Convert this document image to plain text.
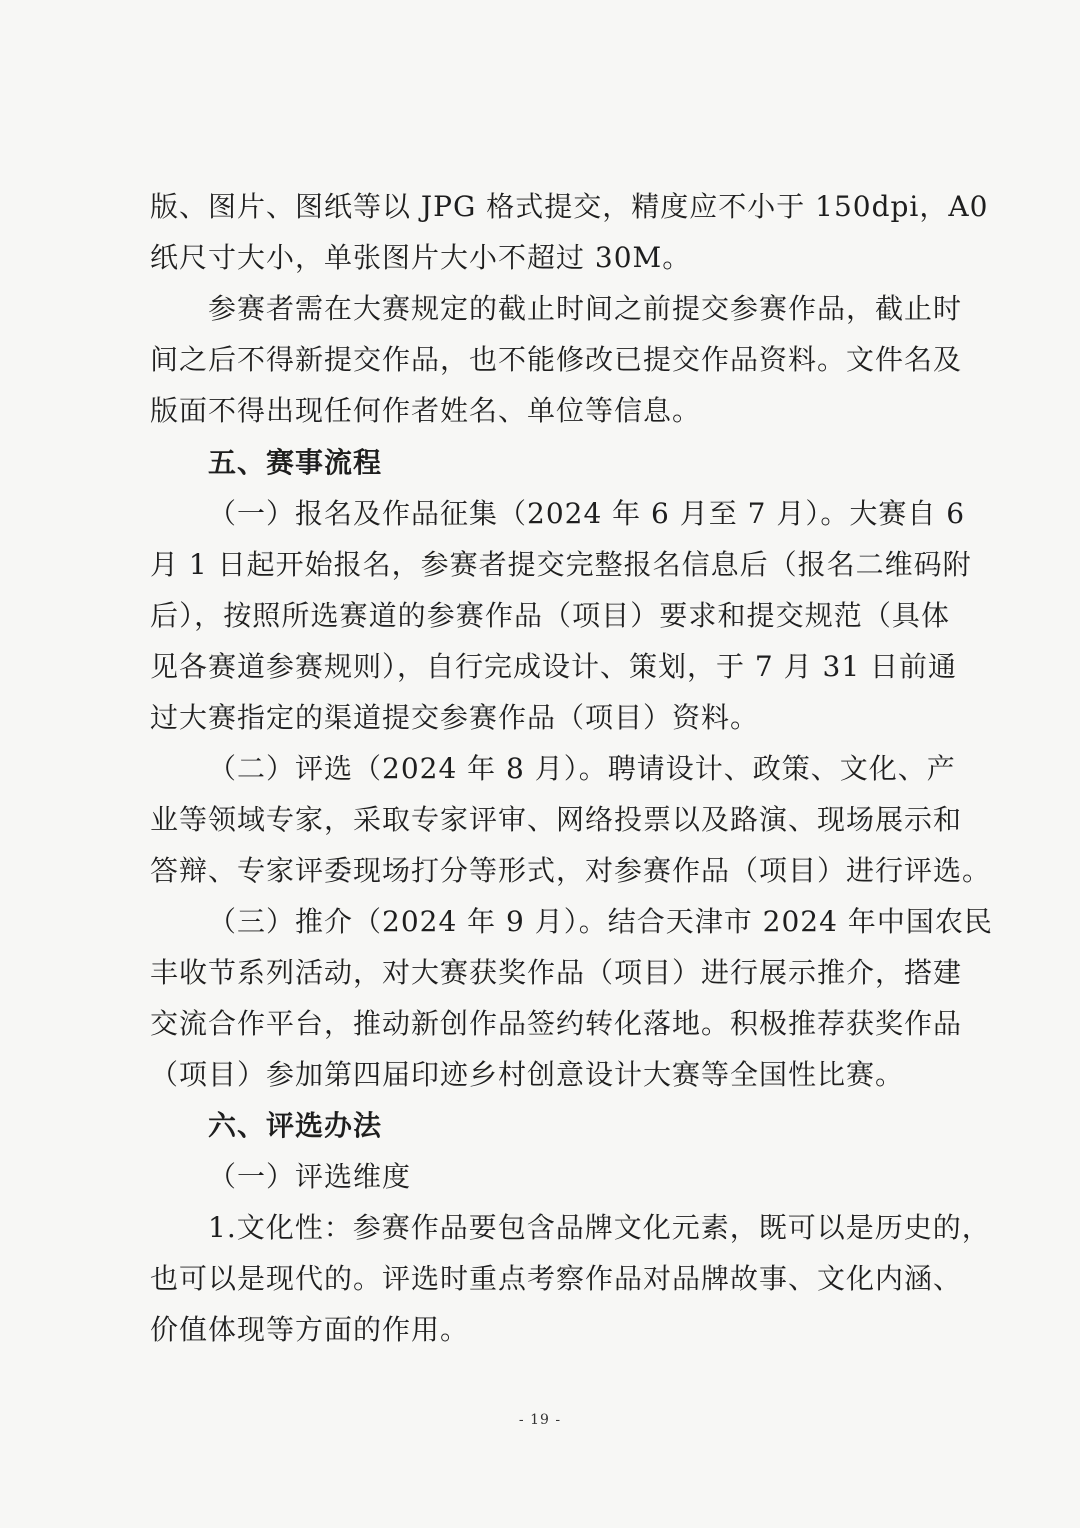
版、图片、图纸等以 JPG 格式提交，精度应不小于 150dpi，A0
纸尺寸大小，单张图片大小不超过 30M。
参赛者需在大赛规定的截止时间之前提交参赛作品，截止时
间之后不得新提交作品，也不能修改已提交作品资料。文件名及
版面不得出现任何作者姓名、单位等信息。
五、赛事流程
（一）报名及作品征集（2024 年 6 月至 7 月）。大赛自 6
月 1 日起开始报名，参赛者提交完整报名信息后（报名二维码附
后），按照所选赛道的参赛作品（项目）要求和提交规范（具体
见各赛道参赛规则），自行完成设计、策划，于 7 月 31 日前通
过大赛指定的渠道提交参赛作品（项目）资料。
（二）评选（2024 年 8 月）。聘请设计、政策、文化、产
业等领域专家，采取专家评审、网络投票以及路演、现场展示和
答辩、专家评委现场打分等形式，对参赛作品（项目）进行评选。
（三）推介（2024 年 9 月）。结合天津市 2024 年中国农民
丰收节系列活动，对大赛获奖作品（项目）进行展示推介，搭建
交流合作平台，推动新创作品签约转化落地。积极推荐获奖作品
（项目）参加第四届印迹乡村创意设计大赛等全国性比赛。
六、评选办法
（一）评选维度
1.文化性：参赛作品要包含品牌文化元素，既可以是历史的，
也可以是现代的。评选时重点考察作品对品牌故事、文化内涵、
价值体现等方面的作用。
- 19 -
